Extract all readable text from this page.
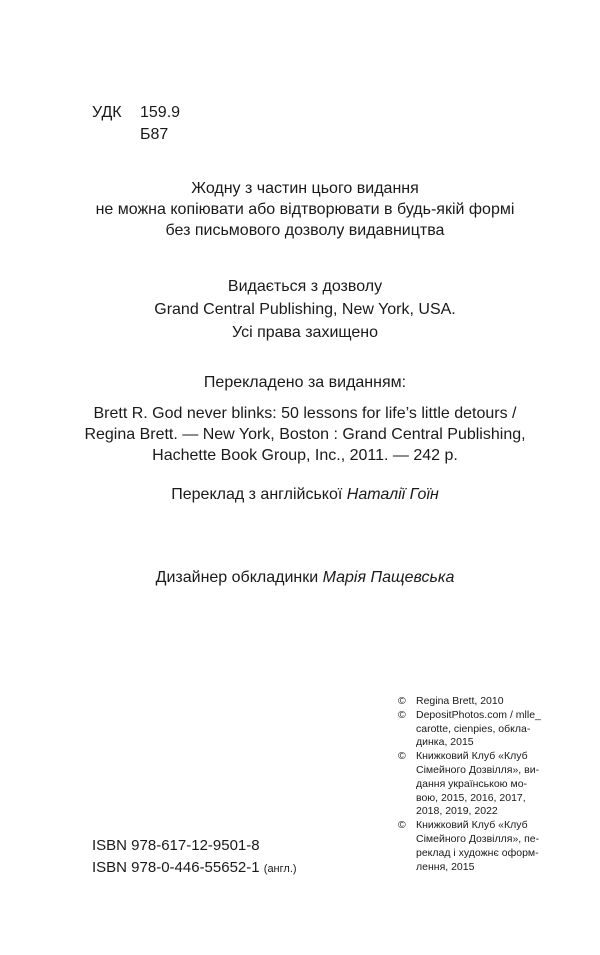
УДК	159.9
Б87
Жодну з частин цього видання
не можна копіювати або відтворювати в будь-якій формі
без письмового дозволу видавництва
Видається з дозволу
Grand Central Publishing, New York, USA.
Усі права захищено
Перекладено за виданням:
Brett R. God never blinks: 50 lessons for life’s little detours /
Regina Brett. — New York, Boston : Grand Central Publishing,
Hachette Book Group, Inc., 2011. — 242 p.
Переклад з англійської Наталії Гоїн
Дизайнер обкладинки Марія Пащевська
© Regina Brett, 2010
© DepositPhotos.com / mlle_
carotte, cienpies, обкла-
динка, 2015
© Книжковий Клуб «Клуб
Сімейного Дозвілля», ви-
дання українською мо-
вою, 2015, 2016, 2017,
2018, 2019, 2022
© Книжковий Клуб «Клуб
Сімейного Дозвілля», пе-
реклад і художнє оформ-
лення, 2015
ISBN 978-617-12-9501-8
ISBN 978-0-446-55652-1 (англ.)
